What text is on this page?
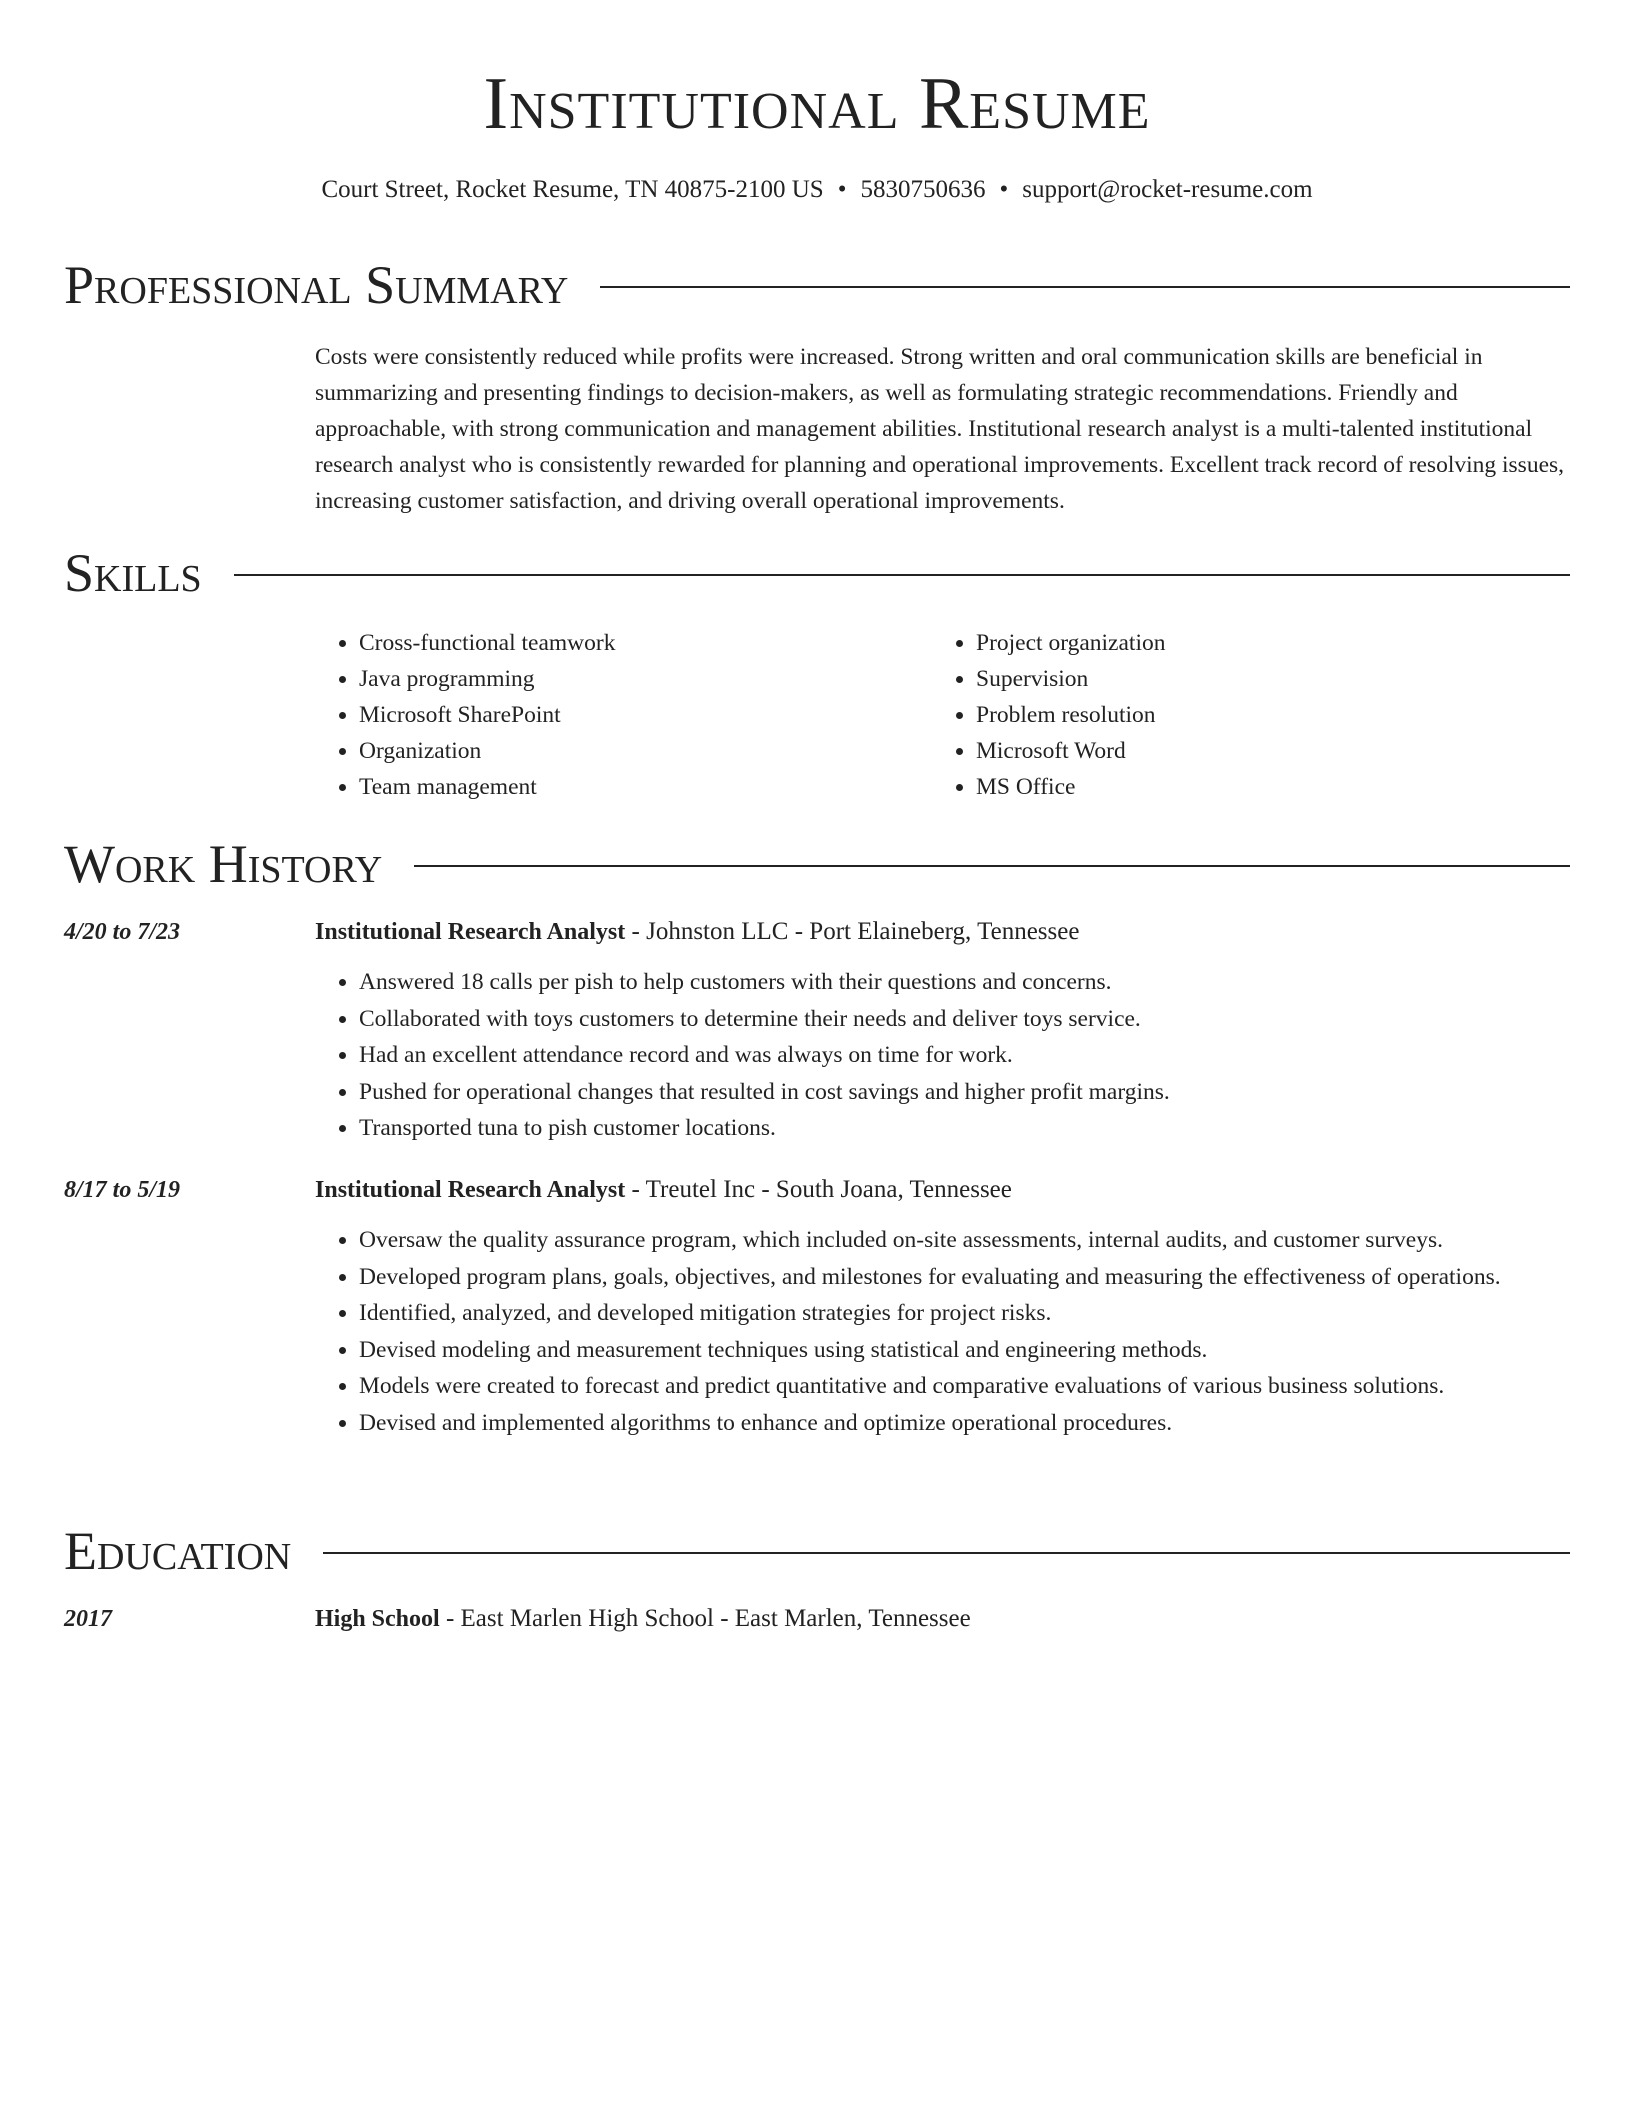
Institutional Resume
Court Street, Rocket Resume, TN 40875-2100 US • 5830750636 • support@rocket-resume.com
Professional Summary

Costs were consistently reduced while profits were increased. Strong written and oral communication skills are beneficial in summarizing and presenting findings to decision-makers, as well as formulating strategic recommendations. Friendly and approachable, with strong communication and management abilities. Institutional research analyst is a multi-talented institutional research analyst who is consistently rewarded for planning and operational improvements. Excellent track record of resolving issues, increasing customer satisfaction, and driving overall operational improvements.

Skills
• Cross-functional teamwork
• Java programming
• Microsoft SharePoint
• Organization
• Team management
• Project organization
• Supervision
• Problem resolution
• Microsoft Word
• MS Office
Work History
4/20 to 7/23	Institutional Research Analyst - Johnston LLC - Port Elaineberg, Tennessee
• Answered 18 calls per pish to help customers with their questions and concerns.
• Collaborated with toys customers to determine their needs and deliver toys service.
• Had an excellent attendance record and was always on time for work.
• Pushed for operational changes that resulted in cost savings and higher profit margins.
• Transported tuna to pish customer locations.
8/17 to 5/19	Institutional Research Analyst - Treutel Inc - South Joana, Tennessee
• Oversaw the quality assurance program, which included on-site assessments, internal audits, and customer surveys.
• Developed program plans, goals, objectives, and milestones for evaluating and measuring the effectiveness of operations.
• Identified, analyzed, and developed mitigation strategies for project risks.
• Devised modeling and measurement techniques using statistical and engineering methods.
• Models were created to forecast and predict quantitative and comparative evaluations of various business solutions.
• Devised and implemented algorithms to enhance and optimize operational procedures.
Education
2017	High School - East Marlen High School - East Marlen, Tennessee
